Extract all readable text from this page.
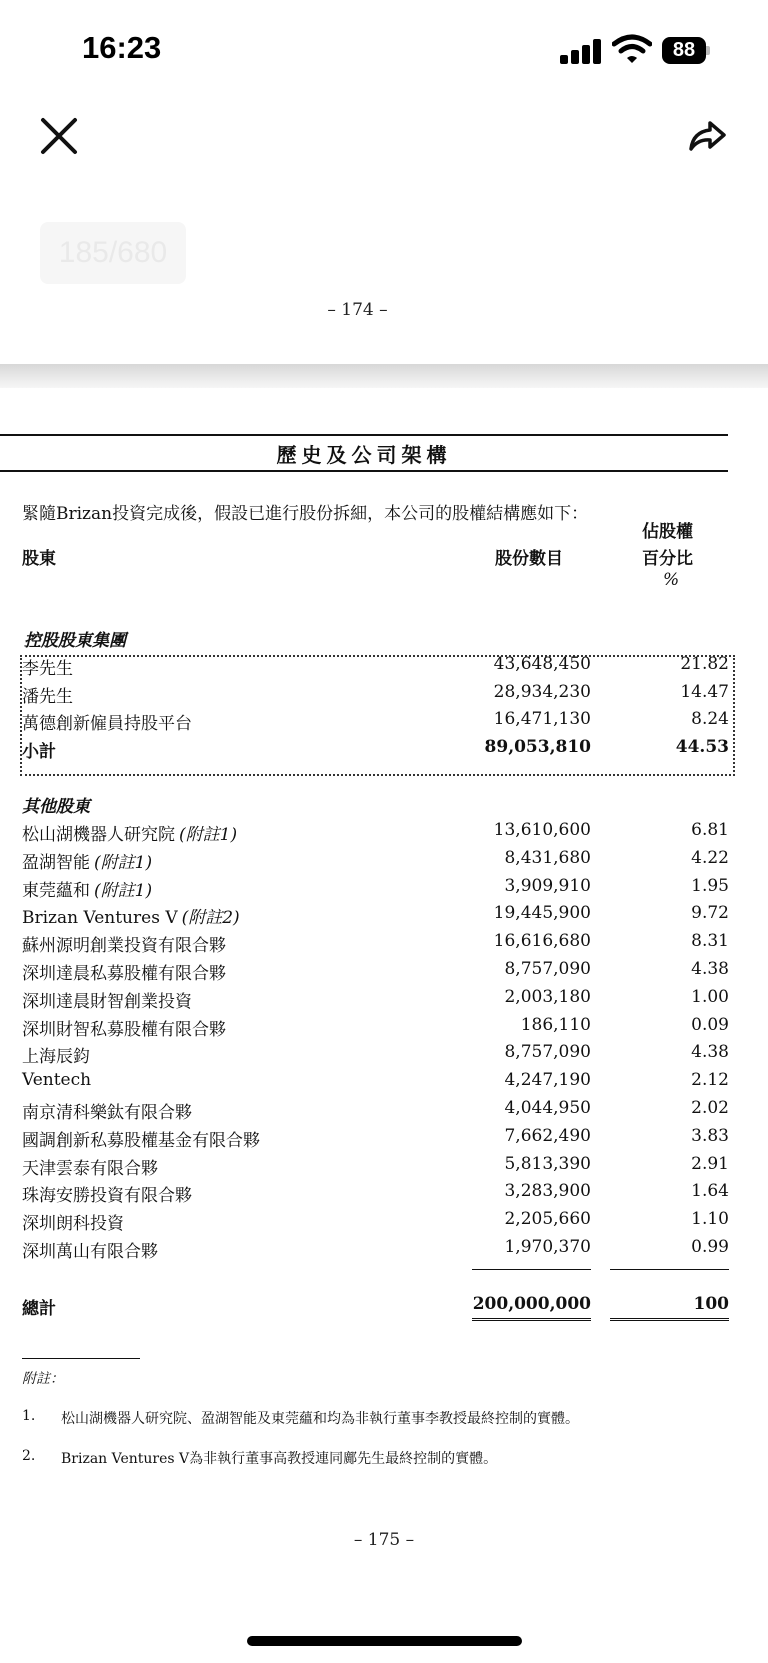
16:23	88
185/680
– 174 –
歷史及公司架構
緊隨Brizan投資完成後，假設已進行股份拆細，本公司的股權結構應如下：
股東	股份數目
佔股權
百分比
%
控股股東集團
李先生	43,648,450	21.82
潘先生	28,934,230	14.47
萬德創新僱員持股平台	16,471,130	8.24
小計	89,053,810	44.53
其他股東
松山湖機器人研究院 (附註1)	13,610,600	6.81
盈湖智能 (附註1)	8,431,680	4.22
東莞蘊和 (附註1)	3,909,910	1.95
Brizan Ventures V (附註2)	19,445,900	9.72
蘇州源明創業投資有限合夥	16,616,680	8.31
深圳達晨私募股權有限合夥	8,757,090	4.38
深圳達晨財智創業投資	2,003,180	1.00
深圳財智私募股權有限合夥	186,110	0.09
上海辰鈞	8,757,090	4.38
Ventech	4,247,190	2.12
南京清科樂鈦有限合夥	4,044,950	2.02
國調創新私募股權基金有限合夥	7,662,490	3.83
天津雲泰有限合夥	5,813,390	2.91
珠海安勝投資有限合夥	3,283,900	1.64
深圳朗科投資	2,205,660	1.10
深圳萬山有限合夥	1,970,370	0.99
總計	200,000,000	100
附註：
1. 松山湖機器人研究院、盈湖智能及東莞蘊和均為非執行董事李教授最終控制的實體。
2. Brizan Ventures V為非執行董事高教授連同鄺先生最終控制的實體。
– 175 –
